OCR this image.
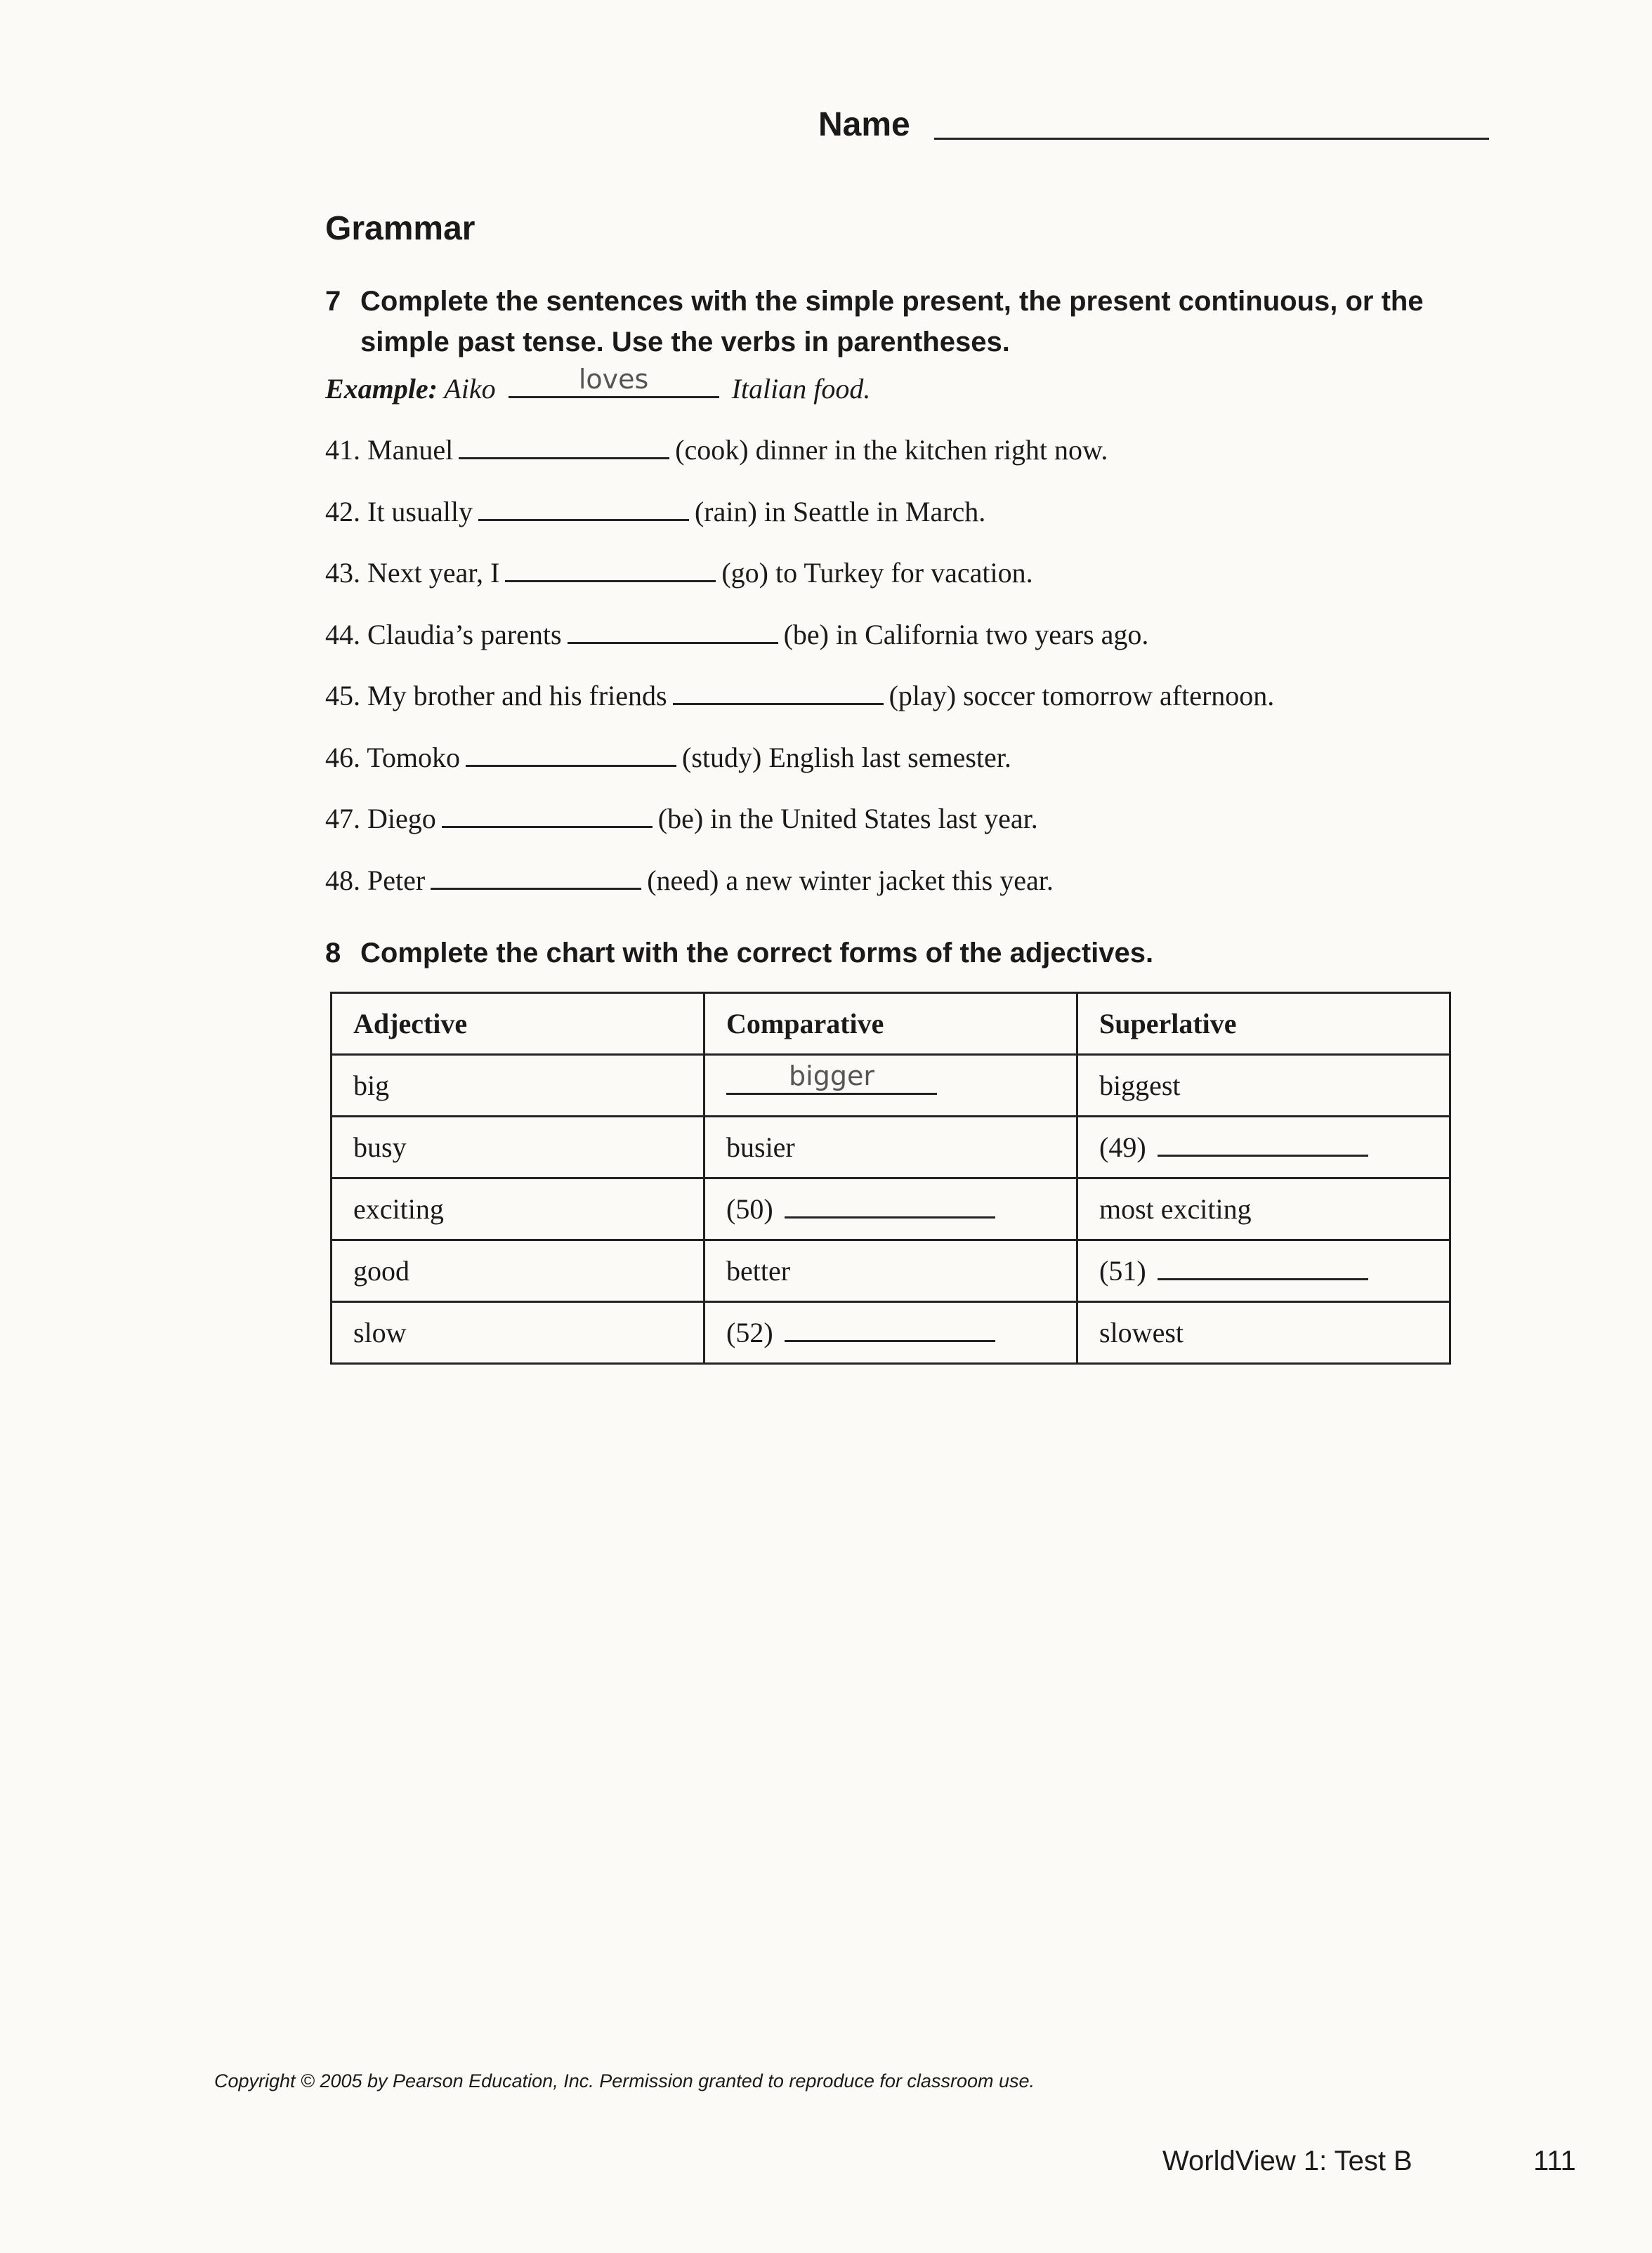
Name
Grammar
7 Complete the sentences with the simple present, the present continuous, or the simple past tense. Use the verbs in parentheses.
Example: Aiko	loves	Italian food.
41. Manuel	(cook) dinner in the kitchen right now.
42. It usually	(rain) in Seattle in March.
43. Next year, I	(go) to Turkey for vacation.
44. Claudia’s parents	(be) in California two years ago.
45. My brother and his friends	(play) soccer tomorrow afternoon.
46. Tomoko	(study) English last semester.
47. Diego	(be) in the United States last year.
48. Peter	(need) a new winter jacket this year.
8 Complete the chart with the correct forms of the adjectives.
Adjective	Comparative	Superlative
big	bigger	biggest
busy	busier	(49)
exciting	(50)	most exciting
good	better	(51)
slow	(52)	slowest
Copyright © 2005 by Pearson Education, Inc. Permission granted to reproduce for classroom use.
WorldView 1: Test B	111
